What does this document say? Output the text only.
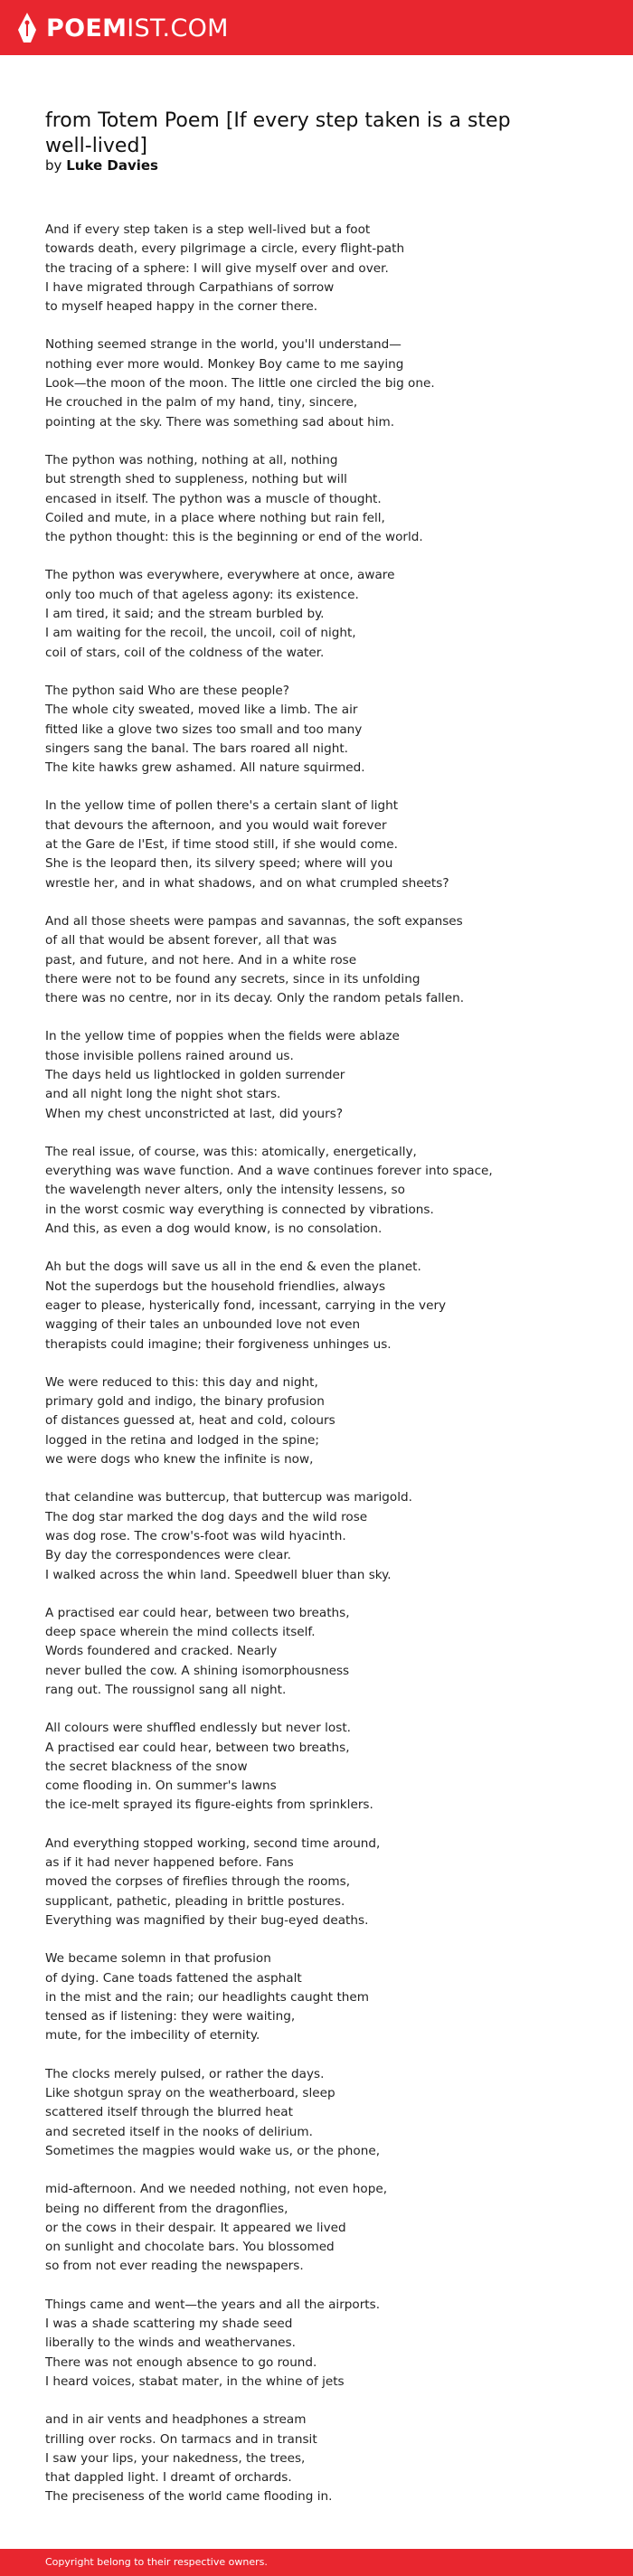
POEMIST.COM
from Totem Poem [If every step taken is a step well-lived]
by Luke Davies
And if every step taken is a step well-lived but a foot
towards death, every pilgrimage a circle, every flight-path
the tracing of a sphere: I will give myself over and over.
I have migrated through Carpathians of sorrow
to myself heaped happy in the corner there.
Nothing seemed strange in the world, you'll understand—
nothing ever more would. Monkey Boy came to me saying
Look—the moon of the moon. The little one circled the big one.
He crouched in the palm of my hand, tiny, sincere,
pointing at the sky. There was something sad about him.
The python was nothing, nothing at all, nothing
but strength shed to suppleness, nothing but will
encased in itself. The python was a muscle of thought.
Coiled and mute, in a place where nothing but rain fell,
the python thought: this is the beginning or end of the world.
The python was everywhere, everywhere at once, aware
only too much of that ageless agony: its existence.
I am tired, it said; and the stream burbled by.
I am waiting for the recoil, the uncoil, coil of night,
coil of stars, coil of the coldness of the water.
The python said Who are these people?
The whole city sweated, moved like a limb. The air
fitted like a glove two sizes too small and too many
singers sang the banal. The bars roared all night.
The kite hawks grew ashamed. All nature squirmed.
In the yellow time of pollen there's a certain slant of light
that devours the afternoon, and you would wait forever
at the Gare de l'Est, if time stood still, if she would come.
She is the leopard then, its silvery speed; where will you
wrestle her, and in what shadows, and on what crumpled sheets?
And all those sheets were pampas and savannas, the soft expanses
of all that would be absent forever, all that was
past, and future, and not here. And in a white rose
there were not to be found any secrets, since in its unfolding
there was no centre, nor in its decay. Only the random petals fallen.
In the yellow time of poppies when the fields were ablaze
those invisible pollens rained around us.
The days held us lightlocked in golden surrender
and all night long the night shot stars.
When my chest unconstricted at last, did yours?
The real issue, of course, was this: atomically, energetically,
everything was wave function. And a wave continues forever into space,
the wavelength never alters, only the intensity lessens, so
in the worst cosmic way everything is connected by vibrations.
And this, as even a dog would know, is no consolation.
Ah but the dogs will save us all in the end & even the planet.
Not the superdogs but the household friendlies, always
eager to please, hysterically fond, incessant, carrying in the very
wagging of their tales an unbounded love not even
therapists could imagine; their forgiveness unhinges us.
We were reduced to this: this day and night,
primary gold and indigo, the binary profusion
of distances guessed at, heat and cold, colours
logged in the retina and lodged in the spine;
we were dogs who knew the infinite is now,
that celandine was buttercup, that buttercup was marigold.
The dog star marked the dog days and the wild rose
was dog rose. The crow's-foot was wild hyacinth.
By day the correspondences were clear.
I walked across the whin land. Speedwell bluer than sky.
A practised ear could hear, between two breaths,
deep space wherein the mind collects itself.
Words foundered and cracked. Nearly
never bulled the cow. A shining isomorphousness
rang out. The roussignol sang all night.
All colours were shuffled endlessly but never lost.
A practised ear could hear, between two breaths,
the secret blackness of the snow
come flooding in. On summer's lawns
the ice-melt sprayed its figure-eights from sprinklers.
And everything stopped working, second time around,
as if it had never happened before. Fans
moved the corpses of fireflies through the rooms,
supplicant, pathetic, pleading in brittle postures.
Everything was magnified by their bug-eyed deaths.
We became solemn in that profusion
of dying. Cane toads fattened the asphalt
in the mist and the rain; our headlights caught them
tensed as if listening: they were waiting,
mute, for the imbecility of eternity.
The clocks merely pulsed, or rather the days.
Like shotgun spray on the weatherboard, sleep
scattered itself through the blurred heat
and secreted itself in the nooks of delirium.
Sometimes the magpies would wake us, or the phone,
mid-afternoon. And we needed nothing, not even hope,
being no different from the dragonflies,
or the cows in their despair. It appeared we lived
on sunlight and chocolate bars. You blossomed
so from not ever reading the newspapers.
Things came and went—the years and all the airports.
I was a shade scattering my shade seed
liberally to the winds and weathervanes.
There was not enough absence to go round.
I heard voices, stabat mater, in the whine of jets
and in air vents and headphones a stream
trilling over rocks. On tarmacs and in transit
I saw your lips, your nakedness, the trees,
that dappled light. I dreamt of orchards.
The preciseness of the world came flooding in.
Copyright belong to their respective owners.
